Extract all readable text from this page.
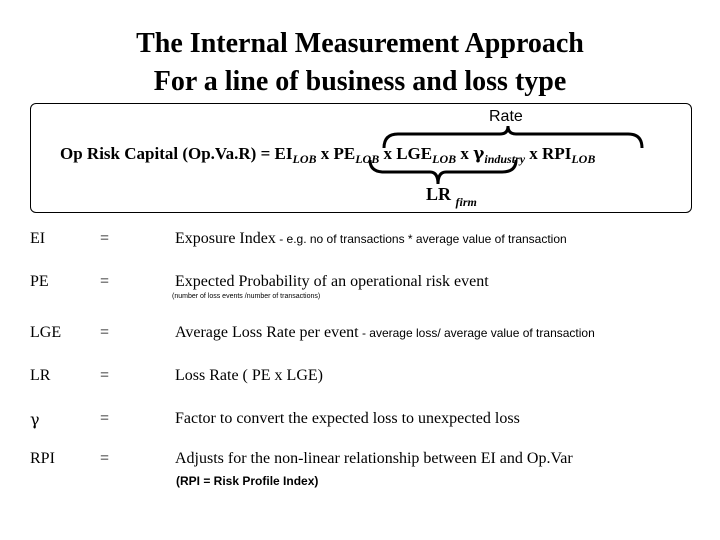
The Internal Measurement Approach
For a line of business and loss type
Rate
Op Risk Capital $(Op.Va.R) = EI_{LOB}$ x $PE_{LOB}$ x $LGE_{LOB}$ x $\gamma_{industry}$ x $RPI_{LOB}$
LR $_{firm}$
EI	=	Exposure Index - e.g. no of transactions * average value of transaction
PE	=	Expected Probability of an operational risk event
(number of loss events /number of transactions)
LGE =	Average Loss Rate per event - average loss/ average value of transaction
LR	=	Loss Rate ( PE x LGE)
γ	=	Factor to convert the expected loss to unexpected loss
RPI	=	Adjusts for the non-linear relationship between EI and Op.Var
(RPI = Risk Profile Index)
